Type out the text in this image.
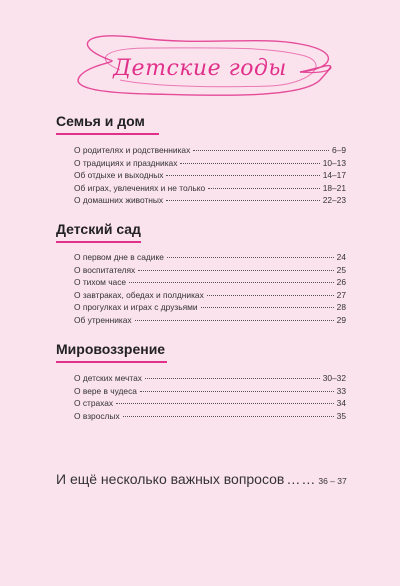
Детские годы
Семья и дом
О родителях и родственниках	6–9
О традициях и праздниках	10–13
Об отдыхе и выходных	14–17
Об играх, увлечениях и не только	18–21
О домашних животных	22–23
Детский сад
О первом дне в садике	24
О воспитателях	25
О тихом часе	26
О завтраках, обедах и полдниках	27
О прогулках и играх с друзьями	28
Об утренниках	29
Мировоззрение
О детских мечтах	30–32
О вере в чудеса	33
О страхах	34
О взрослых	35
И ещё несколько важных вопросов …… 36 – 37
